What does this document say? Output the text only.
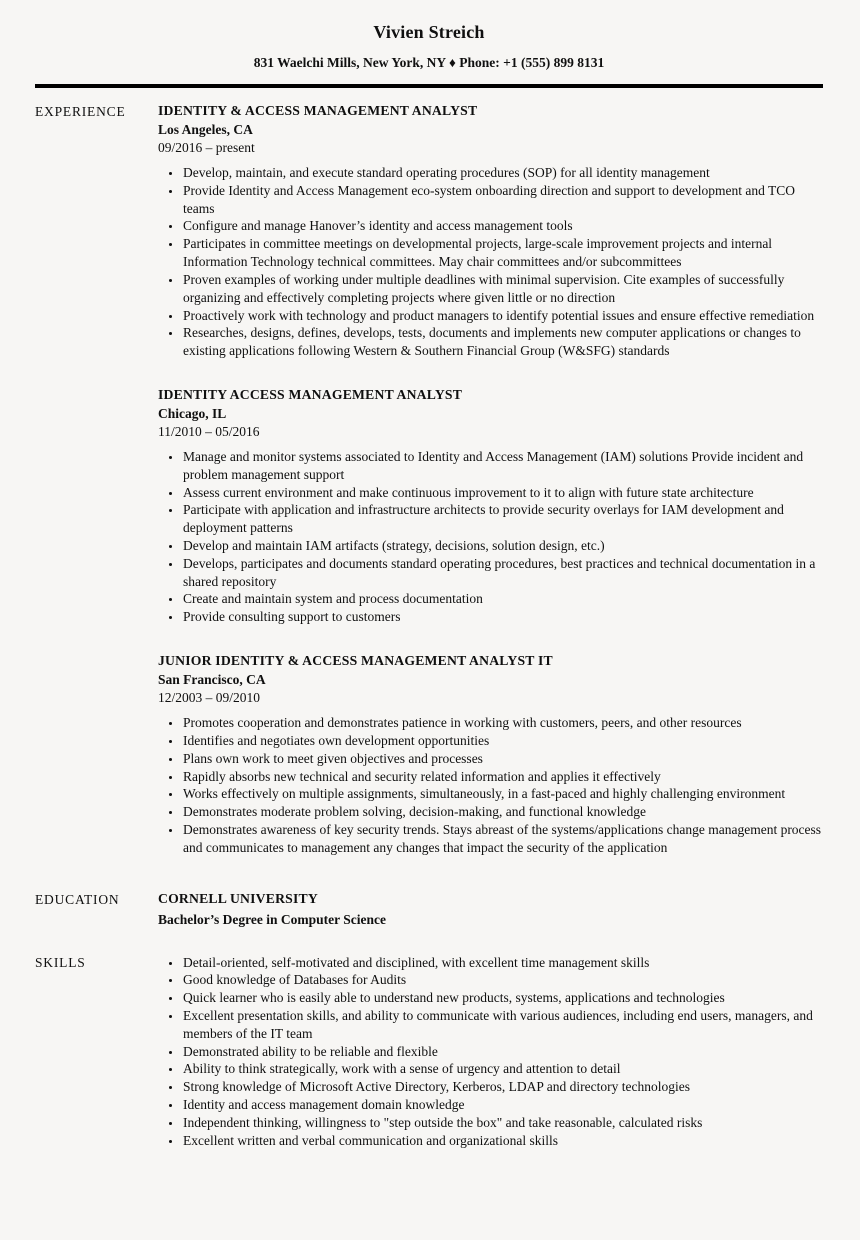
Vivien Streich
831 Waelchi Mills, New York, NY ♦ Phone: +1 (555) 899 8131
EXPERIENCE	IDENTITY & ACCESS MANAGEMENT ANALYST
Los Angeles, CA
09/2016 – present
• Develop, maintain, and execute standard operating procedures (SOP) for all identity management
• Provide Identity and Access Management eco-system onboarding direction and support to development and TCO teams
• Configure and manage Hanover’s identity and access management tools
• Participates in committee meetings on developmental projects, large-scale improvement projects and internal Information Technology technical committees. May chair committees and/or subcommittees
• Proven examples of working under multiple deadlines with minimal supervision. Cite examples of successfully organizing and effectively completing projects where given little or no direction
• Proactively work with technology and product managers to identify potential issues and ensure effective remediation
• Researches, designs, defines, develops, tests, documents and implements new computer applications or changes to existing applications following Western & Southern Financial Group (W&SFG) standards
IDENTITY ACCESS MANAGEMENT ANALYST
Chicago, IL
11/2010 – 05/2016
• Manage and monitor systems associated to Identity and Access Management (IAM) solutions Provide incident and problem management support
• Assess current environment and make continuous improvement to it to align with future state architecture
• Participate with application and infrastructure architects to provide security overlays for IAM development and deployment patterns
• Develop and maintain IAM artifacts (strategy, decisions, solution design, etc.)
• Develops, participates and documents standard operating procedures, best practices and technical documentation in a shared repository
• Create and maintain system and process documentation
• Provide consulting support to customers
JUNIOR IDENTITY & ACCESS MANAGEMENT ANALYST IT
San Francisco, CA
12/2003 – 09/2010
• Promotes cooperation and demonstrates patience in working with customers, peers, and other resources
• Identifies and negotiates own development opportunities
• Plans own work to meet given objectives and processes
• Rapidly absorbs new technical and security related information and applies it effectively
• Works effectively on multiple assignments, simultaneously, in a fast-paced and highly challenging environment
• Demonstrates moderate problem solving, decision-making, and functional knowledge
• Demonstrates awareness of key security trends. Stays abreast of the systems/applications change management process and communicates to management any changes that impact the security of the application
EDUCATION	CORNELL UNIVERSITY
Bachelor’s Degree in Computer Science
SKILLS	• Detail-oriented, self-motivated and disciplined, with excellent time management skills
• Good knowledge of Databases for Audits
• Quick learner who is easily able to understand new products, systems, applications and technologies
• Excellent presentation skills, and ability to communicate with various audiences, including end users, managers, and members of the IT team
• Demonstrated ability to be reliable and flexible
• Ability to think strategically, work with a sense of urgency and attention to detail
• Strong knowledge of Microsoft Active Directory, Kerberos, LDAP and directory technologies
• Identity and access management domain knowledge
• Independent thinking, willingness to "step outside the box" and take reasonable, calculated risks
• Excellent written and verbal communication and organizational skills
